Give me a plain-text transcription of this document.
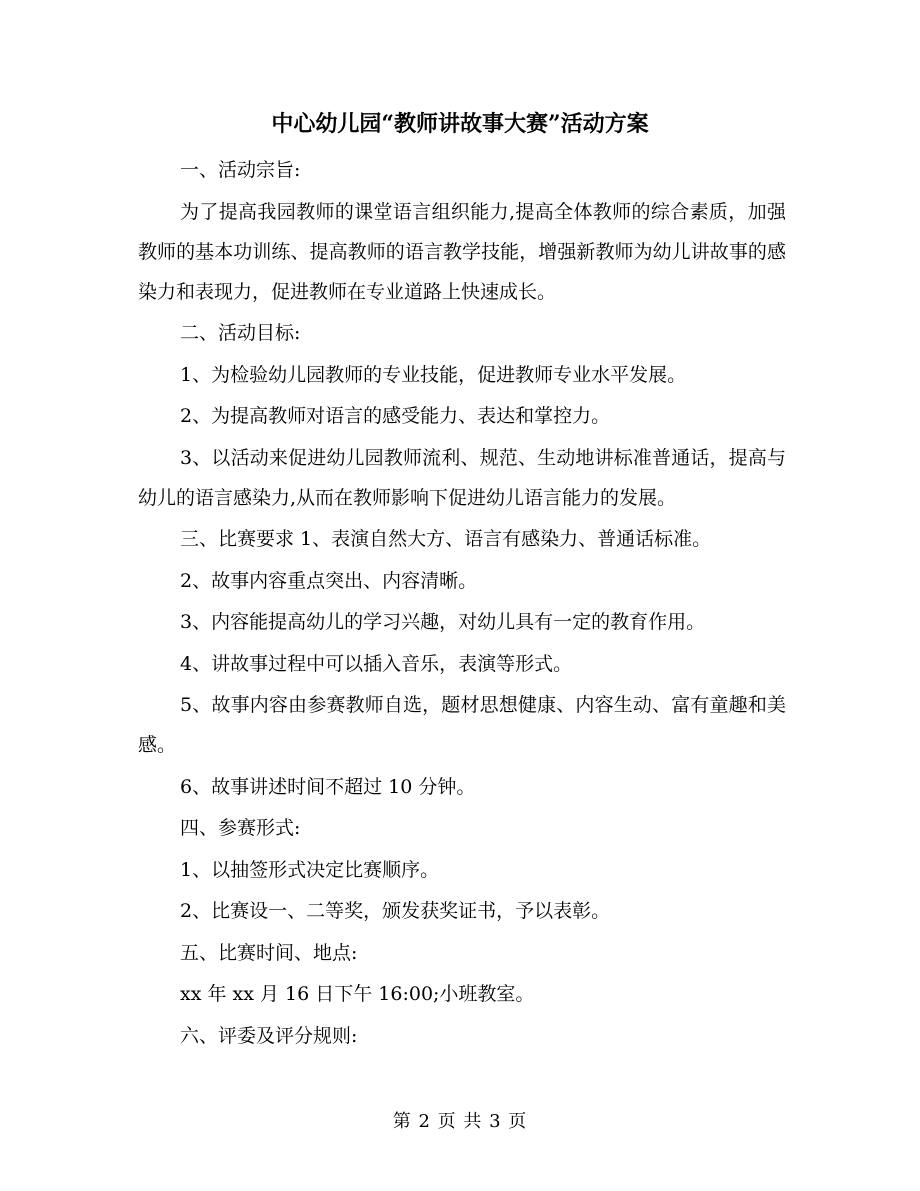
中心幼儿园“教师讲故事大赛”活动方案

一、活动宗旨:

为了提高我园教师的课堂语言组织能力,提高全体教师的综合素质，加强教师的基本功训练、提高教师的语言教学技能，增强新教师为幼儿讲故事的感染力和表现力，促进教师在专业道路上快速成长。

二、活动目标:

1、为检验幼儿园教师的专业技能，促进教师专业水平发展。

2、为提高教师对语言的感受能力、表达和掌控力。

3、以活动来促进幼儿园教师流利、规范、生动地讲标准普通话，提高与幼儿的语言感染力,从而在教师影响下促进幼儿语言能力的发展。

三、比赛要求 1、表演自然大方、语言有感染力、普通话标准。

2、故事内容重点突出、内容清晰。

3、内容能提高幼儿的学习兴趣，对幼儿具有一定的教育作用。

4、讲故事过程中可以插入音乐，表演等形式。

5、故事内容由参赛教师自选，题材思想健康、内容生动、富有童趣和美感。

6、故事讲述时间不超过 10 分钟。

四、参赛形式:

1、以抽签形式决定比赛顺序。

2、比赛设一、二等奖，颁发获奖证书，予以表彰。

五、比赛时间、地点:

xx 年 xx 月 16 日下午 16:00;小班教室。

六、评委及评分规则:

第 2 页 共 3 页
